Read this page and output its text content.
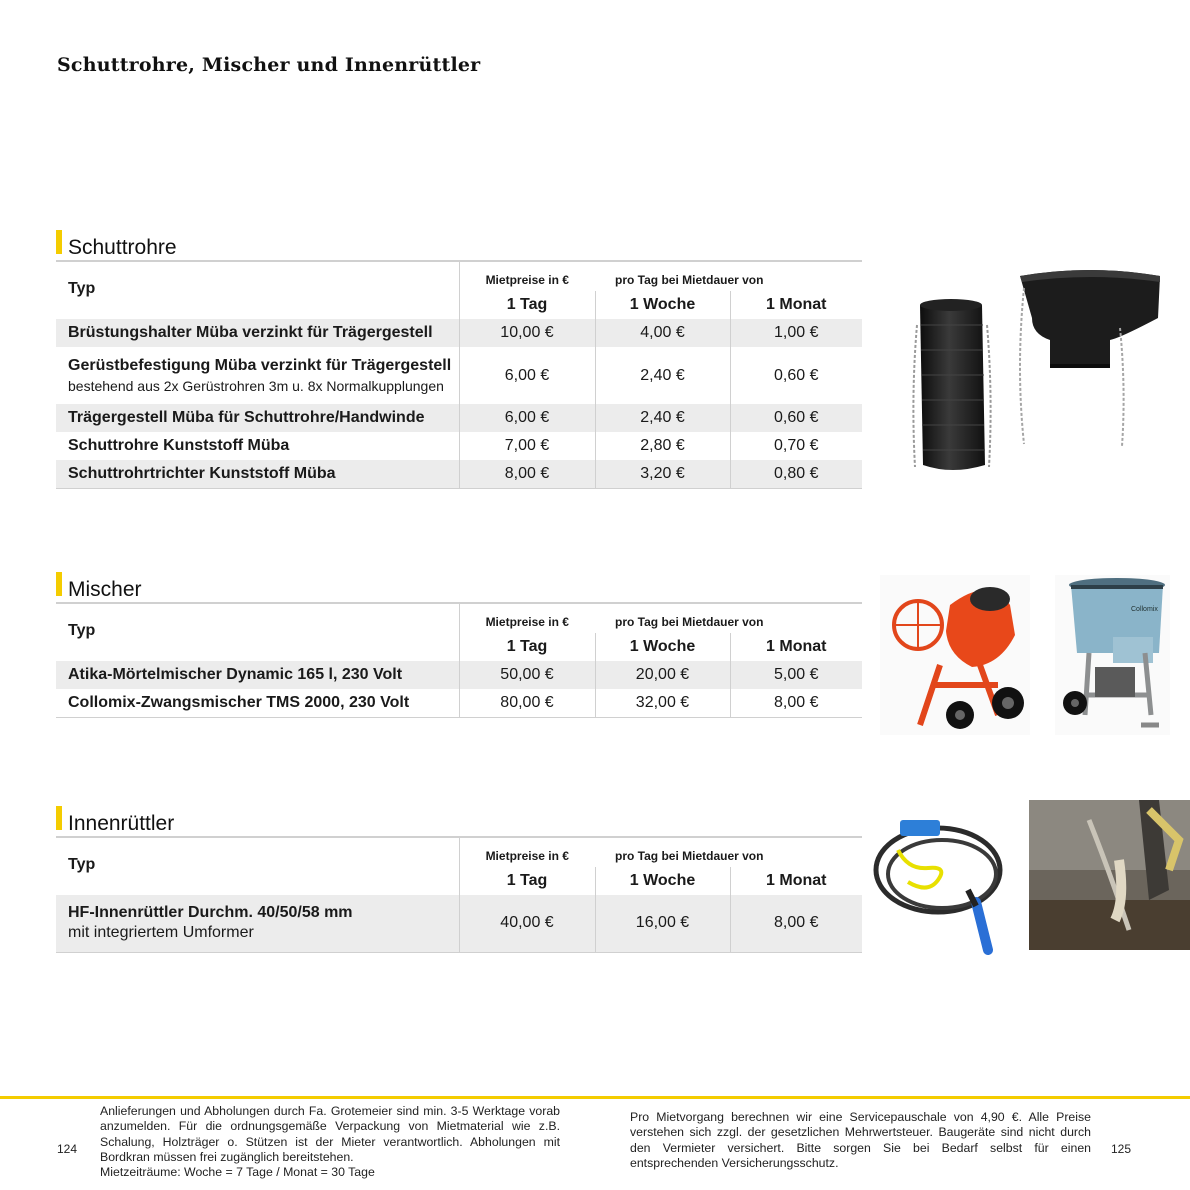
Schuttrohre, Mischer und Innenrüttler
Schuttrohre
Typ	Mietpreise in €	pro Tag bei Mietdauer von	
	1 Tag	1 Woche	1 Monat
Brüstungshalter Müba verzinkt für Trägergestell	10,00 €	4,00 €	1,00 €
Gerüstbefestigung Müba verzinkt für Trägergestell
bestehend aus 2x Gerüstrohren 3m u. 8x Normalkupplungen	6,00 €	2,40 €	0,60 €
Trägergestell Müba für Schuttrohre/Handwinde	6,00 €	2,40 €	0,60 €
Schuttrohre Kunststoff Müba	7,00 €	2,80 €	0,70 €
Schuttrohrtrichter Kunststoff Müba	8,00 €	3,20 €	0,80 €
Mischer
Typ	Mietpreise in €	pro Tag bei Mietdauer von	
	1 Tag	1 Woche	1 Monat
Atika-Mörtelmischer Dynamic 165 l, 230 Volt	50,00 €	20,00 €	5,00 €
Collomix-Zwangsmischer TMS 2000, 230 Volt	80,00 €	32,00 €	8,00 €
Collomix
Innenrüttler
Typ	Mietpreise in €	pro Tag bei Mietdauer von	
	1 Tag	1 Woche	1 Monat
HF-Innenrüttler Durchm. 40/50/58 mm
mit integriertem Umformer	40,00 €	16,00 €	8,00 €
124
Anlieferungen und Abholungen durch Fa. Grotemeier sind min. 3-5 Werktage vorab anzumelden. Für die ordnungsgemäße Verpackung von Mietmaterial wie z.B. Schalung, Holzträger o. Stützen ist der Mieter verantwortlich. Abholungen mit Bordkran müssen frei zugänglich bereitstehen.
Mietzeiträume: Woche = 7 Tage / Monat = 30 Tage
Pro Mietvorgang berechnen wir eine Servicepauschale von 4,90 €. Alle Preise verstehen sich zzgl. der gesetzlichen Mehrwertsteuer. Baugeräte sind nicht durch den Vermieter versichert. Bitte sorgen Sie bei Bedarf selbst für einen entsprechenden Versicherungsschutz.
125
